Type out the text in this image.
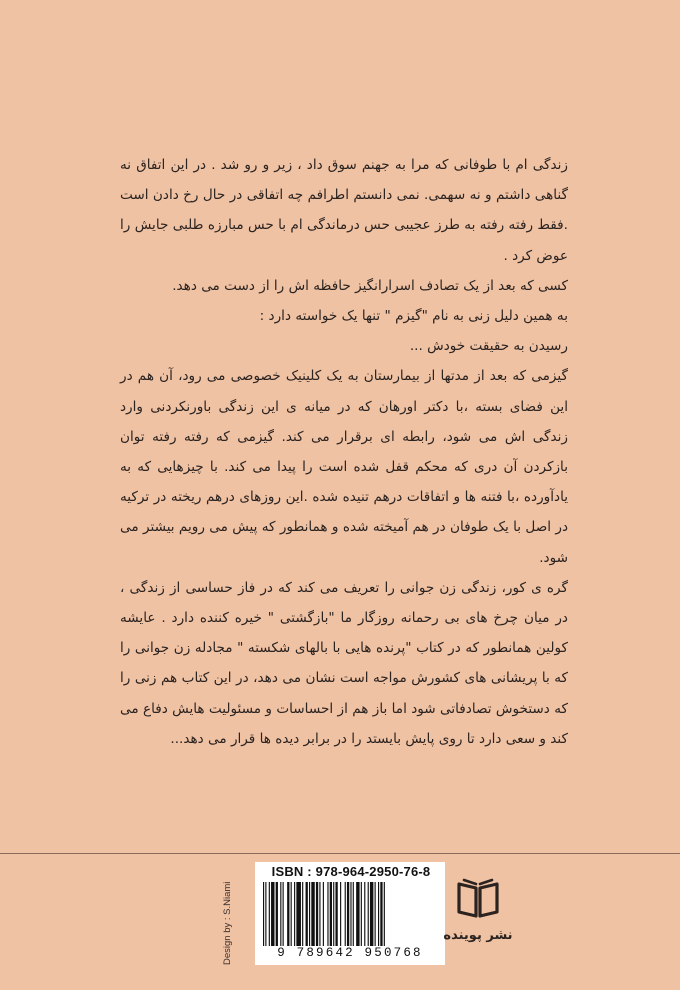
زندگی ام با طوفانی که مرا به جهنم سوق داد ، زیر و رو شد . در این اتفاق نه گناهی داشتم و نه سهمی. نمی دانستم اطرافم چه اتفاقی در حال رخ دادن است .فقط رفته رفته به طرز عجیبی حس درماندگی ام با حس مبارزه طلبی جایش را عوض کرد .

کسی که بعد از یک تصادف اسرارانگیز حافظه اش را از دست می دهد.

به همین دلیل زنی به نام "گیزم " تنها یک خواسته دارد :

رسیدن به حقیقت خودش ...

گیزمی که بعد از مدتها از بیمارستان به یک کلینیک خصوصی می رود، آن هم در این فضای بسته ،با دکتر اورهان که در میانه ی این زندگی باورنکردنی وارد زندگی اش می شود، رابطه ای برقرار می کند. گیزمی که رفته رفته توان بازکردن آن دری که محکم قفل شده است را پیدا می کند. با چیزهایی که به یادآورده ،با فتنه ها و اتفاقات درهم تنیده شده .این روزهای درهم ریخته در ترکیه در اصل با یک طوفان در هم آمیخته شده و همانطور که پیش می رویم بیشتر می شود.

گره ی کور، زندگی زن جوانی را تعریف می کند که در فاز حساسی از زندگی ، در میان چرخ های بی رحمانه روزگار ما "بازگشتی " خیره کننده دارد . عایشه کولین همانطور که در کتاب "پرنده هایی با بالهای شکسته " مجادله زن جوانی را که با پریشانی های کشورش مواجه است نشان می دهد، در این کتاب هم زنی را که دستخوش تصادفاتی شود اما باز هم از احساسات و مسئولیت هایش دفاع می کند و سعی دارد تا روی پایش بایستد را در برابر دیده ها قرار می دهد...

Design by : S.Niami
ISBN : 978-964-2950-76-8
9 789642 950768
نشر پوینده
